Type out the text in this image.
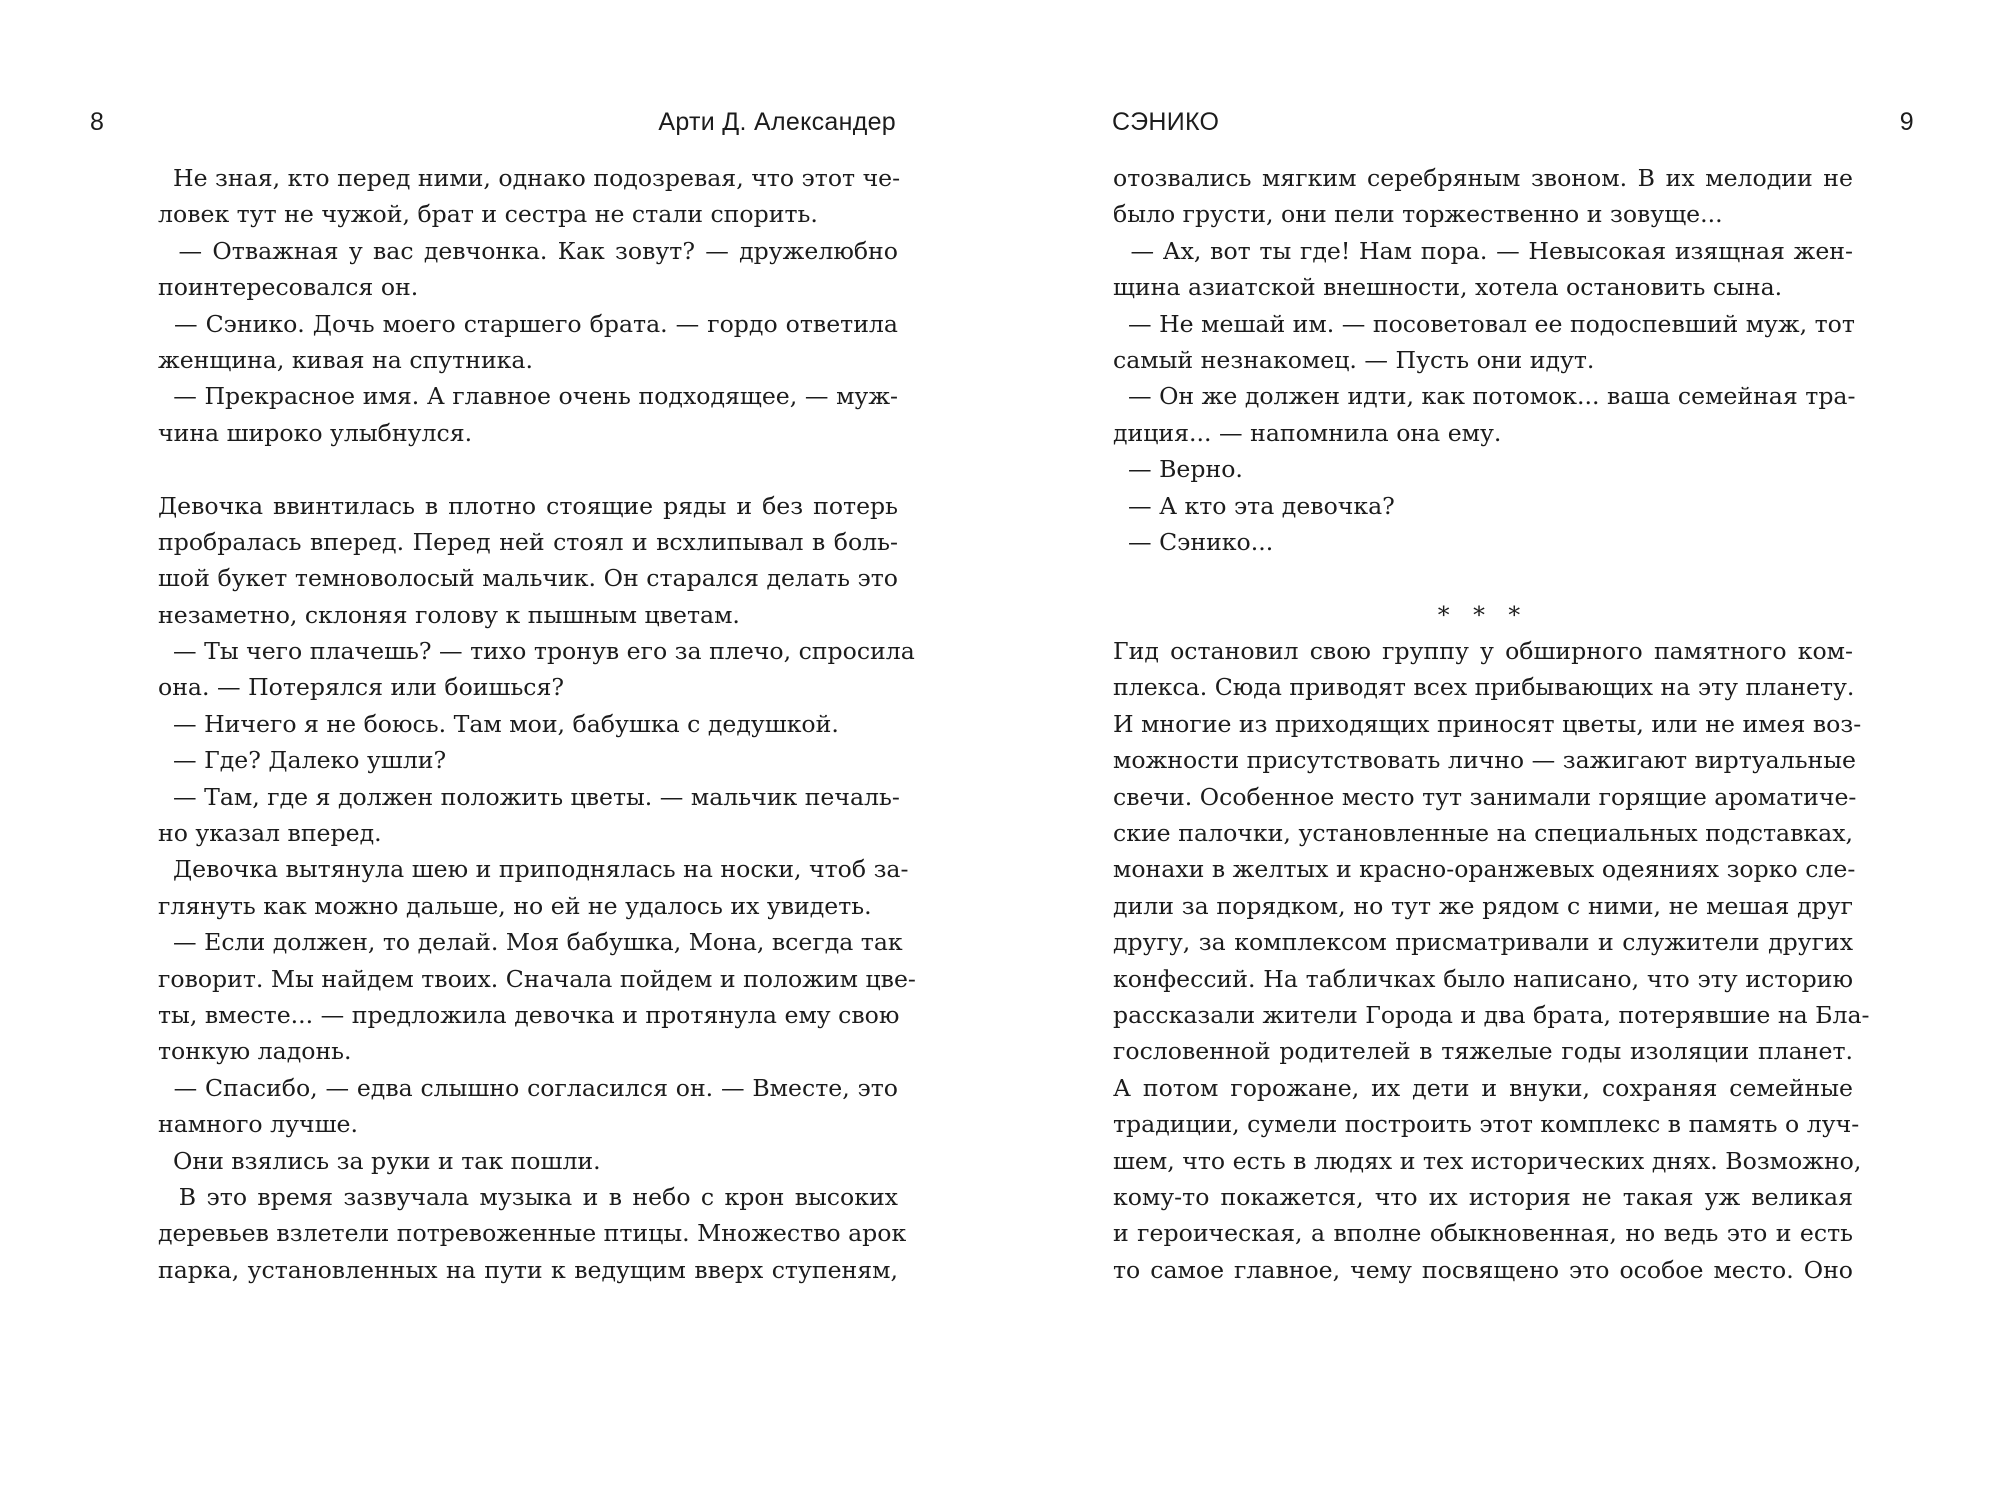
8	Арти Д. Александер
Не зная, кто перед ними, однако подозревая, что этот че-
ловек тут не чужой, брат и сестра не стали спорить.
— Отважная у вас девчонка. Как зовут? — дружелюбно
поинтересовался он.
— Сэнико. Дочь моего старшего брата. — гордо ответила
женщина, кивая на спутника.
— Прекрасное имя. А главное очень подходящее, — муж-
чина широко улыбнулся.
Девочка ввинтилась в плотно стоящие ряды и без потерь
пробралась вперед. Перед ней стоял и всхлипывал в боль-
шой букет темноволосый мальчик. Он старался делать это
незаметно, склоняя голову к пышным цветам.
— Ты чего плачешь? — тихо тронув его за плечо, спросила
она. — Потерялся или боишься?
— Ничего я не боюсь. Там мои, бабушка с дедушкой.
— Где? Далеко ушли?
— Там, где я должен положить цветы. — мальчик печаль-
но указал вперед.
Девочка вытянула шею и приподнялась на носки, чтоб за-
глянуть как можно дальше, но ей не удалось их увидеть.
— Если должен, то делай. Моя бабушка, Мона, всегда так
говорит. Мы найдем твоих. Сначала пойдем и положим цве-
ты, вместе... — предложила девочка и протянула ему свою
тонкую ладонь.
— Спасибо, — едва слышно согласился он. — Вместе, это
намного лучше.
Они взялись за руки и так пошли.
В это время зазвучала музыка и в небо с крон высоких
деревьев взлетели потревоженные птицы. Множество арок
парка, установленных на пути к ведущим вверх ступеням,
СЭНИКО	9
отозвались мягким серебряным звоном. В их мелодии не
было грусти, они пели торжественно и зовуще...
— Ах, вот ты где! Нам пора. — Невысокая изящная жен-
щина азиатской внешности, хотела остановить сына.
— Не мешай им. — посоветовал ее подоспевший муж, тот
самый незнакомец. — Пусть они идут.
— Он же должен идти, как потомок... ваша семейная тра-
диция... — напомнила она ему.
— Верно.
— А кто эта девочка?
— Сэнико...
* * *
Гид остановил свою группу у обширного памятного ком-
плекса. Сюда приводят всех прибывающих на эту планету.
И многие из приходящих приносят цветы, или не имея воз-
можности присутствовать лично — зажигают виртуальные
свечи. Особенное место тут занимали горящие ароматиче-
ские палочки, установленные на специальных подставках,
монахи в желтых и красно-оранжевых одеяниях зорко сле-
дили за порядком, но тут же рядом с ними, не мешая друг
другу, за комплексом присматривали и служители других
конфессий. На табличках было написано, что эту историю
рассказали жители Города и два брата, потерявшие на Бла-
гословенной родителей в тяжелые годы изоляции планет.
А потом горожане, их дети и внуки, сохраняя семейные
традиции, сумели построить этот комплекс в память о луч-
шем, что есть в людях и тех исторических днях. Возможно,
кому-то покажется, что их история не такая уж великая
и героическая, а вполне обыкновенная, но ведь это и есть
то самое главное, чему посвящено это особое место. Оно
